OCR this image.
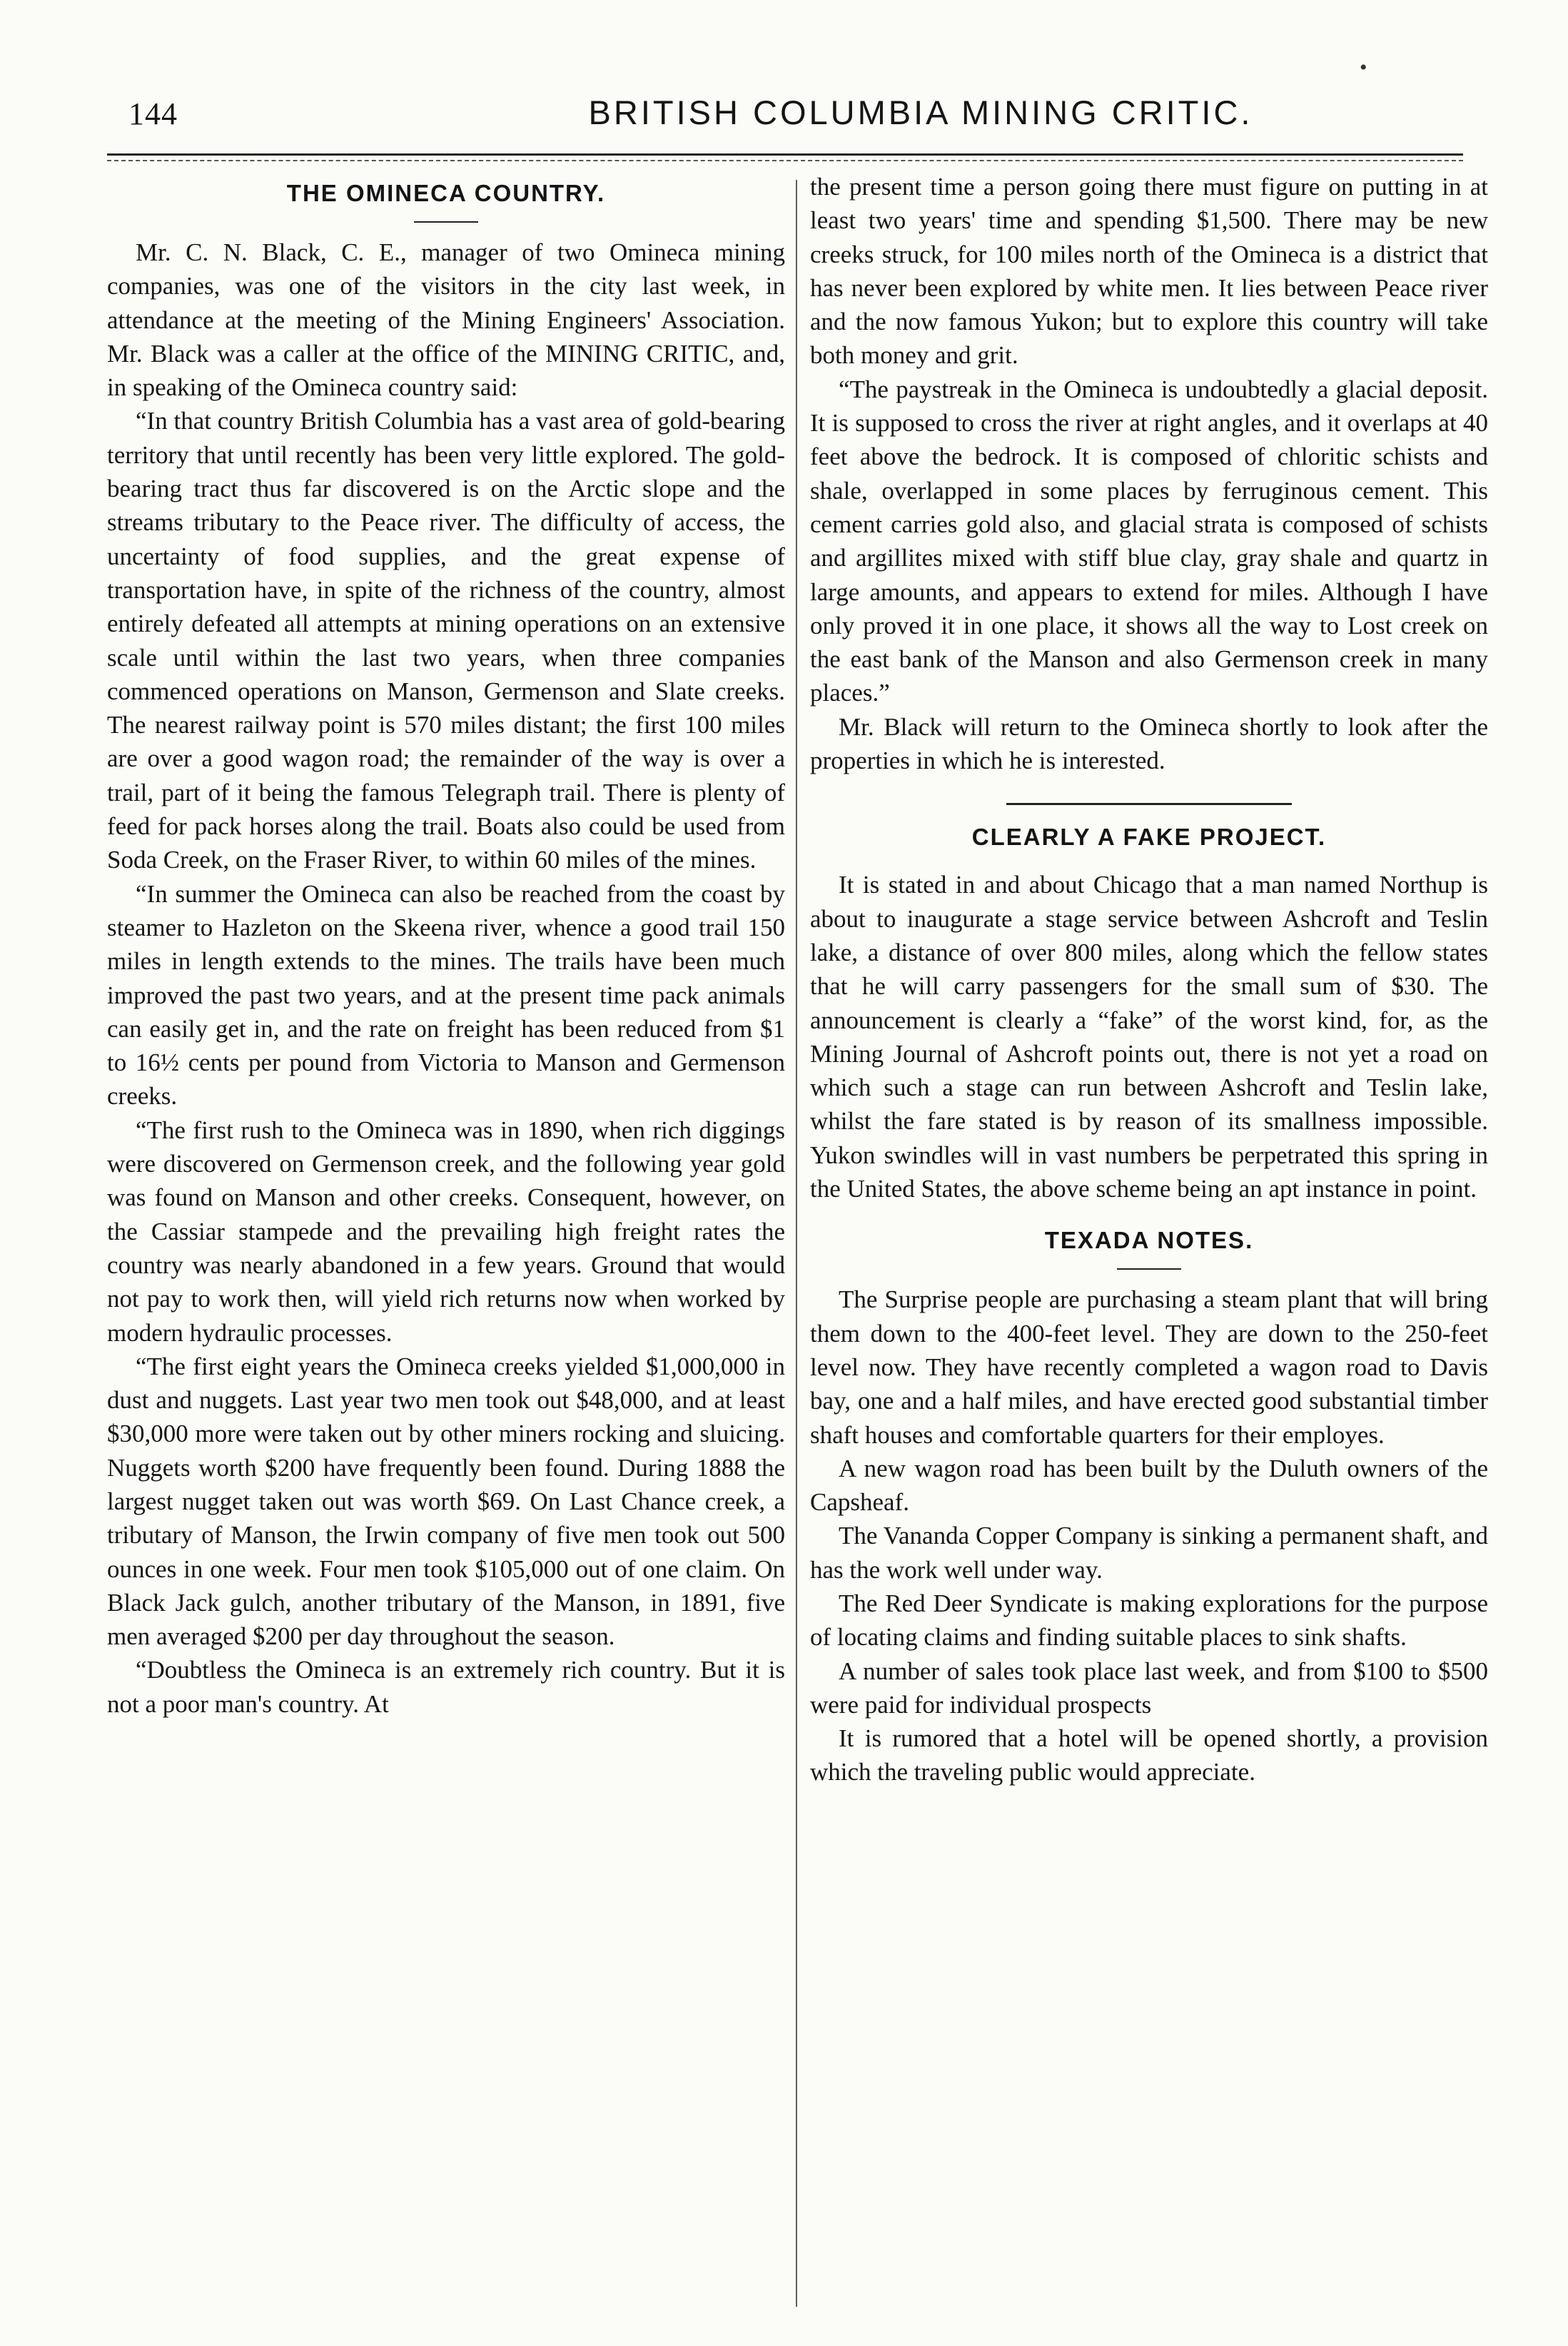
•
144	BRITISH COLUMBIA MINING CRITIC.
THE OMINECA COUNTRY.

Mr. C. N. Black, C. E., manager of two Omineca mining companies, was one of the visitors in the city last week, in attendance at the meeting of the Mining Engineers' Association. Mr. Black was a caller at the office of the MINING CRITIC, and, in speaking of the Omineca country said:

“In that country British Columbia has a vast area of gold-bearing territory that until recently has been very little explored. The gold-bearing tract thus far discovered is on the Arctic slope and the streams tributary to the Peace river. The difficulty of access, the uncertainty of food supplies, and the great expense of transportation have, in spite of the richness of the country, almost entirely defeated all attempts at mining operations on an extensive scale until within the last two years, when three companies commenced operations on Manson, Germenson and Slate creeks. The nearest railway point is 570 miles distant; the first 100 miles are over a good wagon road; the remainder of the way is over a trail, part of it being the famous Telegraph trail. There is plenty of feed for pack horses along the trail. Boats also could be used from Soda Creek, on the Fraser River, to within 60 miles of the mines.

“In summer the Omineca can also be reached from the coast by steamer to Hazleton on the Skeena river, whence a good trail 150 miles in length extends to the mines. The trails have been much improved the past two years, and at the present time pack animals can easily get in, and the rate on freight has been reduced from $1 to 16½ cents per pound from Victoria to Manson and Germenson creeks.

“The first rush to the Omineca was in 1890, when rich diggings were discovered on Germenson creek, and the following year gold was found on Manson and other creeks. Consequent, however, on the Cassiar stampede and the prevailing high freight rates the country was nearly abandoned in a few years. Ground that would not pay to work then, will yield rich returns now when worked by modern hydraulic processes.

“The first eight years the Omineca creeks yielded $1,000,000 in dust and nuggets. Last year two men took out $48,000, and at least $30,000 more were taken out by other miners rocking and sluicing. Nuggets worth $200 have frequently been found. During 1888 the largest nugget taken out was worth $69. On Last Chance creek, a tributary of Manson, the Irwin company of five men took out 500 ounces in one week. Four men took $105,000 out of one claim. On Black Jack gulch, another tributary of the Manson, in 1891, five men averaged $200 per day throughout the season.

“Doubtless the Omineca is an extremely rich country. But it is not a poor man's country. At

the present time a person going there must figure on putting in at least two years' time and spending $1,500. There may be new creeks struck, for 100 miles north of the Omineca is a district that has never been explored by white men. It lies between Peace river and the now famous Yukon; but to explore this country will take both money and grit.

“The paystreak in the Omineca is undoubtedly a glacial deposit. It is supposed to cross the river at right angles, and it overlaps at 40 feet above the bedrock. It is composed of chloritic schists and shale, overlapped in some places by ferruginous cement. This cement carries gold also, and glacial strata is composed of schists and argillites mixed with stiff blue clay, gray shale and quartz in large amounts, and appears to extend for miles. Although I have only proved it in one place, it shows all the way to Lost creek on the east bank of the Manson and also Germenson creek in many places.”

Mr. Black will return to the Omineca shortly to look after the properties in which he is interested.

CLEARLY A FAKE PROJECT.

It is stated in and about Chicago that a man named Northup is about to inaugurate a stage service between Ashcroft and Teslin lake, a distance of over 800 miles, along which the fellow states that he will carry passengers for the small sum of $30. The announcement is clearly a “fake” of the worst kind, for, as the Mining Journal of Ashcroft points out, there is not yet a road on which such a stage can run between Ashcroft and Teslin lake, whilst the fare stated is by reason of its smallness impossible. Yukon swindles will in vast numbers be perpetrated this spring in the United States, the above scheme being an apt instance in point.

TEXADA NOTES.

The Surprise people are purchasing a steam plant that will bring them down to the 400-feet level. They are down to the 250-feet level now. They have recently completed a wagon road to Davis bay, one and a half miles, and have erected good substantial timber shaft houses and comfortable quarters for their employes.

A new wagon road has been built by the Duluth owners of the Capsheaf.

The Vananda Copper Company is sinking a permanent shaft, and has the work well under way.

The Red Deer Syndicate is making explorations for the purpose of locating claims and finding suitable places to sink shafts.

A number of sales took place last week, and from $100 to $500 were paid for individual prospects

It is rumored that a hotel will be opened shortly, a provision which the traveling public would appreciate.
